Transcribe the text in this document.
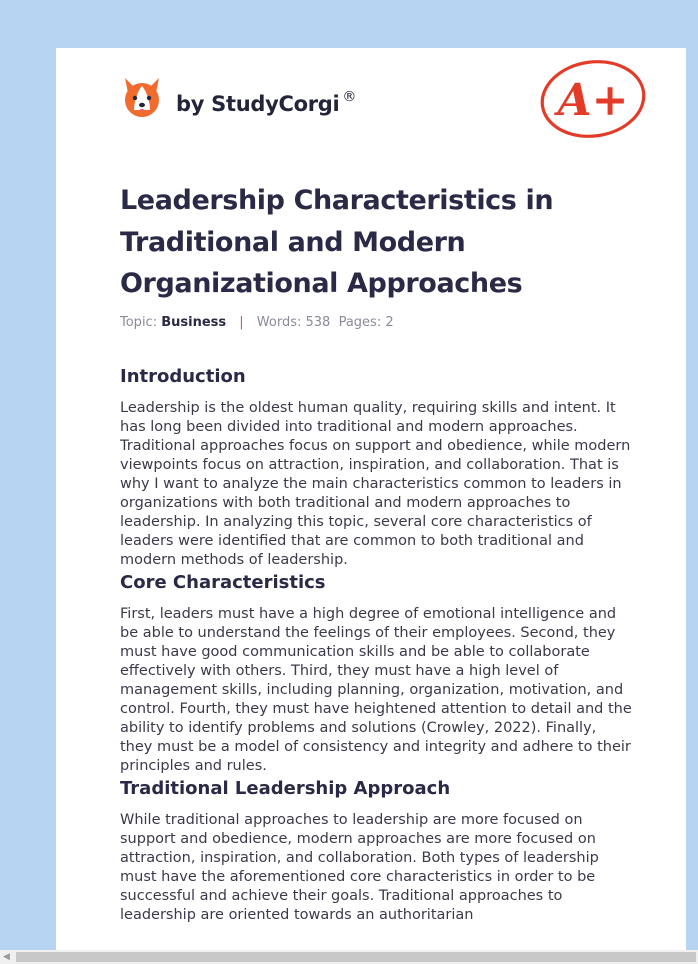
by StudyCorgi ®	A+
Leadership Characteristics in Traditional and Modern Organizational Approaches
Topic: Business | Words: 538 Pages: 2
Introduction

Leadership is the oldest human quality, requiring skills and intent. It has long been divided into traditional and modern approaches. Traditional approaches focus on support and obedience, while modern viewpoints focus on attraction, inspiration, and collaboration. That is why I want to analyze the main characteristics common to leaders in organizations with both traditional and modern approaches to leadership. In analyzing this topic, several core characteristics of leaders were identified that are common to both traditional and modern methods of leadership.

Core Characteristics

First, leaders must have a high degree of emotional intelligence and be able to understand the feelings of their employees. Second, they must have good communication skills and be able to collaborate effectively with others. Third, they must have a high level of management skills, including planning, organization, motivation, and control. Fourth, they must have heightened attention to detail and the ability to identify problems and solutions (Crowley, 2022). Finally, they must be a model of consistency and integrity and adhere to their principles and rules.

Traditional Leadership Approach

While traditional approaches to leadership are more focused on support and obedience, modern approaches are more focused on attraction, inspiration, and collaboration. Both types of leadership must have the aforementioned core characteristics in order to be successful and achieve their goals. Traditional approaches to leadership are oriented towards an authoritarian

◀
